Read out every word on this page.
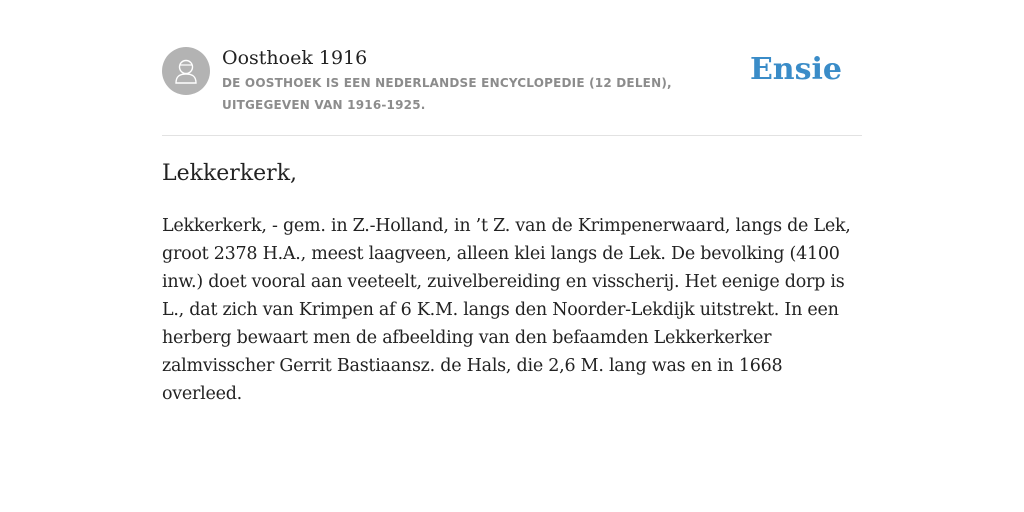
Oosthoek 1916
DE OOSTHOEK IS EEN NEDERLANDSE ENCYCLOPEDIE (12 DELEN), UITGEGEVEN VAN 1916-1925.
Ensie
Lekkerkerk,

Lekkerkerk, - gem. in Z.-Holland, in ’t Z. van de Krimpenerwaard, langs de Lek, groot 2378 H.A., meest laagveen, alleen klei langs de Lek. De bevolking (4100 inw.) doet vooral aan veeteelt, zuivelbereiding en visscherij. Het eenige dorp is L., dat zich van Krimpen af 6 K.M. langs den Noorder-Lekdijk uitstrekt. In een herberg bewaart men de afbeelding van den befaamden Lekkerkerker zalmvisscher Gerrit Bastiaansz. de Hals, die 2,6 M. lang was en in 1668 overleed.
